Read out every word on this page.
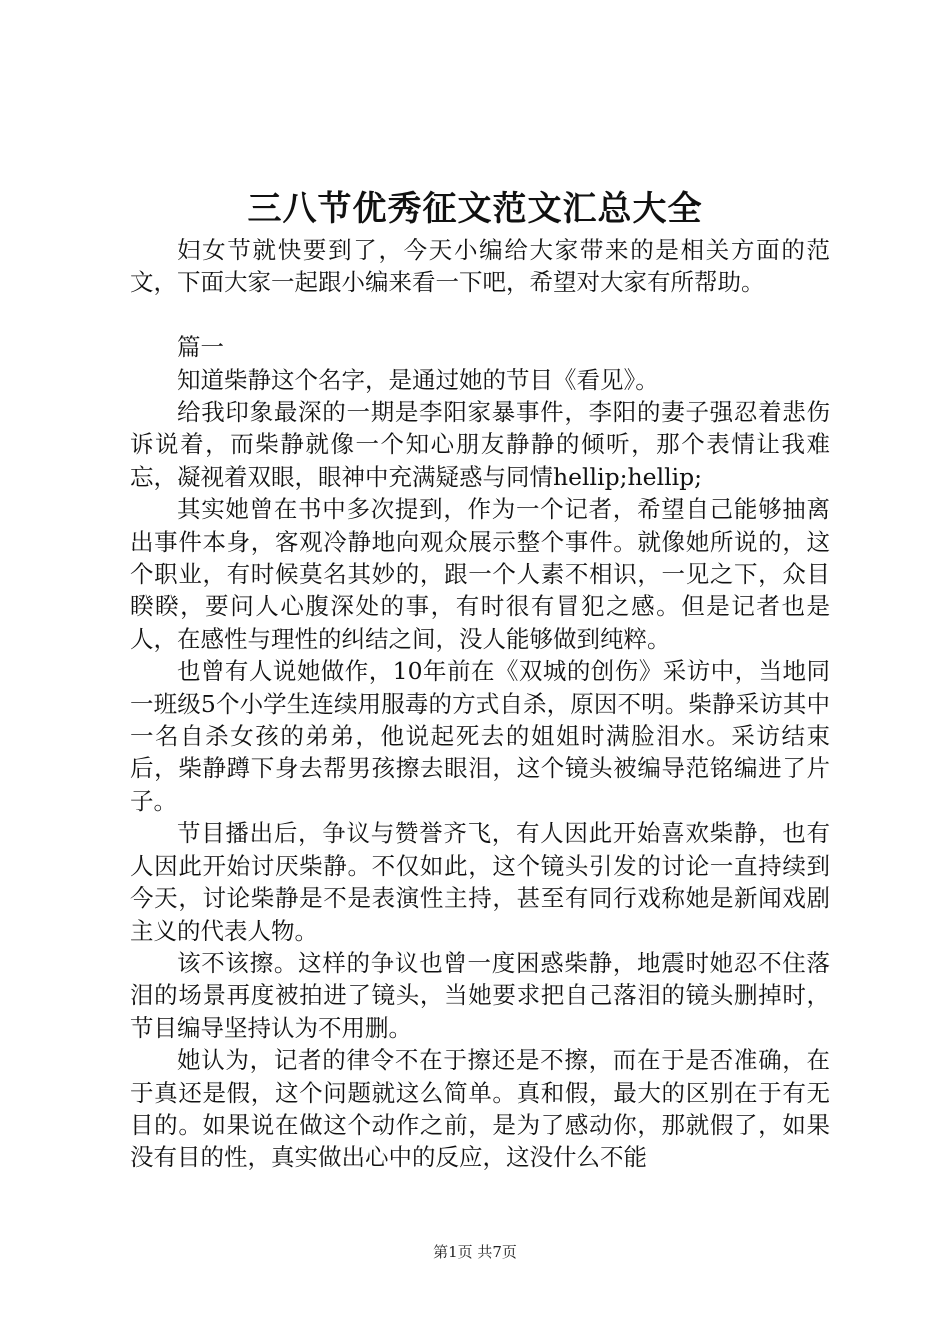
三八节优秀征文范文汇总大全

妇女节就快要到了，今天小编给大家带来的是相关方面的范文，下面大家一起跟小编来看一下吧，希望对大家有所帮助。

篇一

知道柴静这个名字，是通过她的节目《看见》。

给我印象最深的一期是李阳家暴事件，李阳的妻子强忍着悲伤诉说着，而柴静就像一个知心朋友静静的倾听，那个表情让我难忘，凝视着双眼，眼神中充满疑惑与同情hellip;hellip;

其实她曾在书中多次提到，作为一个记者，希望自己能够抽离出事件本身，客观冷静地向观众展示整个事件。就像她所说的，这个职业，有时候莫名其妙的，跟一个人素不相识，一见之下，众目睽睽，要问人心腹深处的事，有时很有冒犯之感。但是记者也是人，在感性与理性的纠结之间，没人能够做到纯粹。

也曾有人说她做作，10年前在《双城的创伤》采访中，当地同一班级5个小学生连续用服毒的方式自杀，原因不明。柴静采访其中一名自杀女孩的弟弟，他说起死去的姐姐时满脸泪水。采访结束后，柴静蹲下身去帮男孩擦去眼泪，这个镜头被编导范铭编进了片子。

节目播出后，争议与赞誉齐飞，有人因此开始喜欢柴静，也有人因此开始讨厌柴静。不仅如此，这个镜头引发的讨论一直持续到今天，讨论柴静是不是表演性主持，甚至有同行戏称她是新闻戏剧主义的代表人物。

该不该擦。这样的争议也曾一度困惑柴静，地震时她忍不住落泪的场景再度被拍进了镜头，当她要求把自己落泪的镜头删掉时，节目编导坚持认为不用删。

她认为，记者的律令不在于擦还是不擦，而在于是否准确，在于真还是假，这个问题就这么简单。真和假，最大的区别在于有无目的。如果说在做这个动作之前，是为了感动你，那就假了，如果没有目的性，真实做出心中的反应，这没什么不能

第1页 共7页
